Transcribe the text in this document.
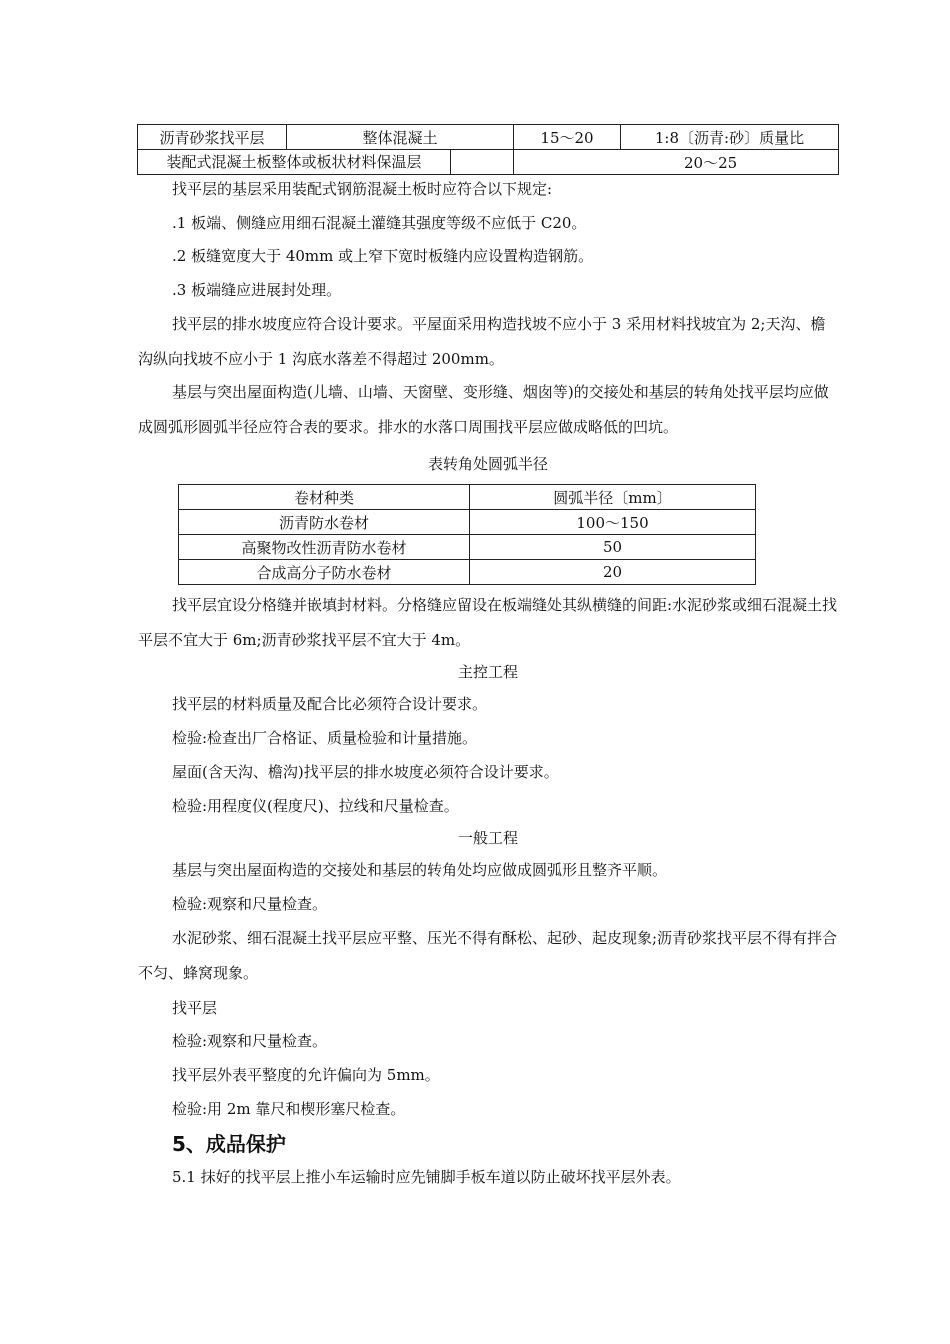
沥青砂浆找平层	整体混凝土	15～20	1:8〔沥青:砂〕质量比
装配式混凝土板整体或板状材料保温层		20～25	
找平层的基层采用装配式钢筋混凝土板时应符合以下规定:
.1 板端、侧缝应用细石混凝土灌缝其强度等级不应低于 C20。
.2 板缝宽度大于 40mm 或上窄下宽时板缝内应设置构造钢筋。
.3 板端缝应进展封处理。
找平层的排水坡度应符合设计要求。平屋面采用构造找坡不应小于 3 采用材料找坡宜为 2;天沟、檐沟纵向找坡不应小于 1 沟底水落差不得超过 200mm。
基层与突出屋面构造(儿墙、山墙、天窗壁、变形缝、烟囱等)的交接处和基层的转角处找平层均应做成圆弧形圆弧半径应符合表的要求。排水的水落口周围找平层应做成略低的凹坑。
表转角处圆弧半径
卷材种类	圆弧半径〔mm〕
沥青防水卷材	100～150
高聚物改性沥青防水卷材	50
合成高分子防水卷材	20
找平层宜设分格缝并嵌填封材料。分格缝应留设在板端缝处其纵横缝的间距:水泥砂浆或细石混凝土找平层不宜大于 6m;沥青砂浆找平层不宜大于 4m。
主控工程
找平层的材料质量及配合比必须符合设计要求。
检验:检查出厂合格证、质量检验和计量措施。
屋面(含天沟、檐沟)找平层的排水坡度必须符合设计要求。
检验:用程度仪(程度尺)、拉线和尺量检查。
一般工程
基层与突出屋面构造的交接处和基层的转角处均应做成圆弧形且整齐平顺。
检验:观察和尺量检查。
水泥砂浆、细石混凝土找平层应平整、压光不得有酥松、起砂、起皮现象;沥青砂浆找平层不得有拌合不匀、蜂窝现象。
找平层
检验:观察和尺量检查。
找平层外表平整度的允许偏向为 5mm。
检验:用 2m 靠尺和楔形塞尺检查。
5、成品保护
5.1 抹好的找平层上推小车运输时应先铺脚手板车道以防止破坏找平层外表。
